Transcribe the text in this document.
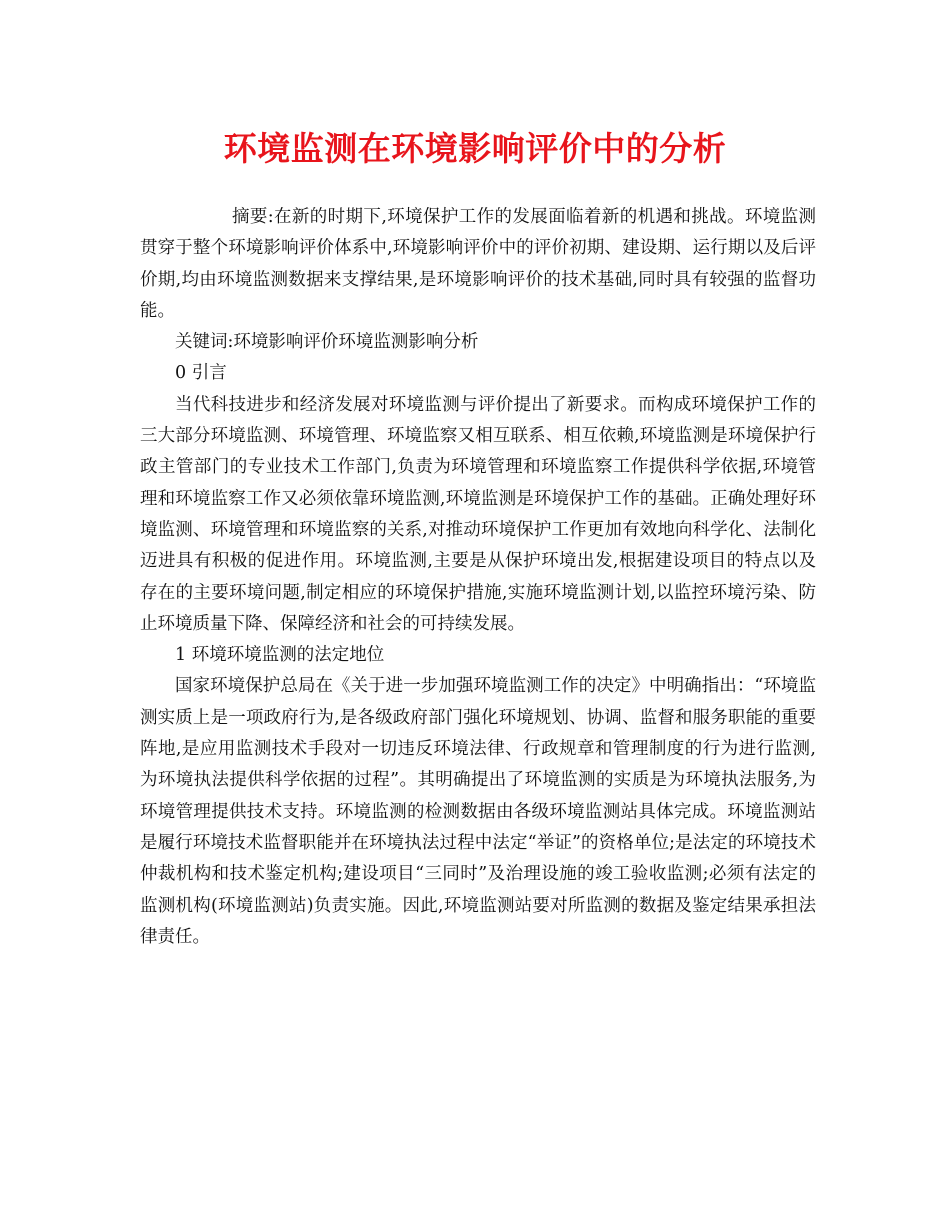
环境监测在环境影响评价中的分析

摘要:在新的时期下,环境保护工作的发展面临着新的机遇和挑战。环境监测贯穿于整个环境影响评价体系中,环境影响评价中的评价初期、建设期、运行期以及后评价期,均由环境监测数据来支撑结果,是环境影响评价的技术基础,同时具有较强的监督功能。

关键词:环境影响评价环境监测影响分析

0 引言

当代科技进步和经济发展对环境监测与评价提出了新要求。而构成环境保护工作的三大部分环境监测、环境管理、环境监察又相互联系、相互依赖,环境监测是环境保护行政主管部门的专业技术工作部门,负责为环境管理和环境监察工作提供科学依据,环境管理和环境监察工作又必须依靠环境监测,环境监测是环境保护工作的基础。正确处理好环境监测、环境管理和环境监察的关系,对推动环境保护工作更加有效地向科学化、法制化迈进具有积极的促进作用。环境监测,主要是从保护环境出发,根据建设项目的特点以及存在的主要环境问题,制定相应的环境保护措施,实施环境监测计划,以监控环境污染、防止环境质量下降、保障经济和社会的可持续发展。

1 环境环境监测的法定地位

国家环境保护总局在《关于进一步加强环境监测工作的决定》中明确指出：“环境监测实质上是一项政府行为,是各级政府部门强化环境规划、协调、监督和服务职能的重要阵地,是应用监测技术手段对一切违反环境法律、行政规章和管理制度的行为进行监测,为环境执法提供科学依据的过程”。其明确提出了环境监测的实质是为环境执法服务,为环境管理提供技术支持。环境监测的检测数据由各级环境监测站具体完成。环境监测站是履行环境技术监督职能并在环境执法过程中法定“举证”的资格单位;是法定的环境技术仲裁机构和技术鉴定机构;建设项目“三同时”及治理设施的竣工验收监测;必须有法定的监测机构(环境监测站)负责实施。因此,环境监测站要对所监测的数据及鉴定结果承担法律责任。
